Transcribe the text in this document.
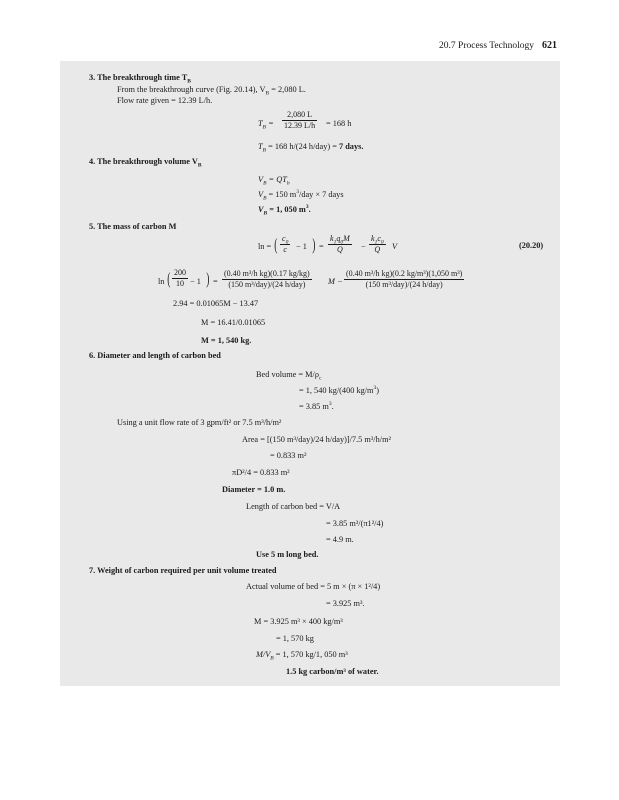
20.7 Process Technology 621
3. The breakthrough time $T_B$
From the breakthrough curve (Fig. 20.14), $V_B = 2,080$ L.
Flow rate given = 12.39 L/h.
$T_B = \frac{2,080 L}{12.39 L/h} = 168$ h
$T_B = 168$ h/(24 h/day) = 7 days.
4. The breakthrough volume $V_B$
$V_B = QT_b$
$V_B = 150$ $m^3$/day × 7 days
$V_B = 1$, 050 $m^3$.
5. The mass of carbon M
ln = ( $\frac{c_0}{c} - 1$ ) = $\frac{k_1q_0M}{Q} - \frac{k_1c_0}{Q}$ V	(20.20)
ln ( $\frac{200}{10} - 1$ ) =
(0.40 m³/h kg)(0.17 kg/kg)
(150 m³/day)/(24 h/day)	M −
(0.40 m³/h kg)(0.2 kg/m³)(1,050 m³)
(150 m³/day)/(24 h/day)
2.94 = 0.01065M − 13.47
M = 16.41/0.01065
M = 1, 540 kg.
6. Diameter and length of carbon bed
Bed volume = $M/\rho_c$
= 1, 540 kg/(400 $kg/m^3$)
= 3.85 $m^3$.
Using a unit flow rate of 3 gpm/ft² or 7.5 m³/h/m²
Area = [(150 m³/day)/24 h/day)]/7.5 m³/h/m²
= 0.833 m²
πD²/4 = 0.833 m²
Diameter = 1.0 m.
Length of carbon bed = V/A
= 3.85 m³/(π1²/4)
= 4.9 m.
Use 5 m long bed.
7. Weight of carbon required per unit volume treated
Actual volume of bed = 5 m × (π × 1²/4)
= 3.925 m³.
M = 3.925 m³ × 400 kg/m³
= 1, 570 kg
$M/V_B = 1$, 570 kg/1, 050 m³
1.5 kg carbon/m³ of water.
